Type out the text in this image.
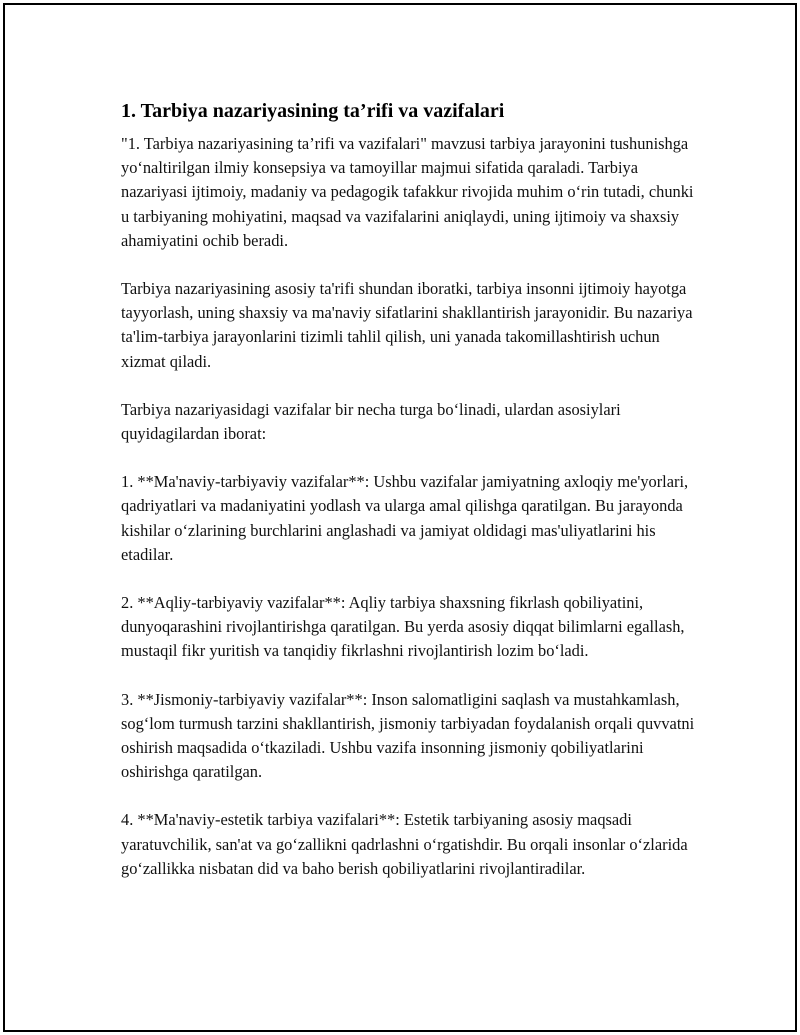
1. Tarbiya nazariyasining ta’rifi va vazifalari

"1. Tarbiya nazariyasining ta’rifi va vazifalari" mavzusi tarbiya jarayonini tushunishga yo‘naltirilgan ilmiy konsepsiya va tamoyillar majmui sifatida qaraladi. Tarbiya nazariyasi ijtimoiy, madaniy va pedagogik tafakkur rivojida muhim o‘rin tutadi, chunki u tarbiyaning mohiyatini, maqsad va vazifalarini aniqlaydi, uning ijtimoiy va shaxsiy ahamiyatini ochib beradi.

Tarbiya nazariyasining asosiy ta'rifi shundan iboratki, tarbiya insonni ijtimoiy hayotga tayyorlash, uning shaxsiy va ma'naviy sifatlarini shakllantirish jarayonidir. Bu nazariya ta'lim-tarbiya jarayonlarini tizimli tahlil qilish, uni yanada takomillashtirish uchun xizmat qiladi.

Tarbiya nazariyasidagi vazifalar bir necha turga bo‘linadi, ulardan asosiylari quyidagilardan iborat:

1. **Ma'naviy-tarbiyaviy vazifalar**: Ushbu vazifalar jamiyatning axloqiy me'yorlari, qadriyatlari va madaniyatini yodlash va ularga amal qilishga qaratilgan. Bu jarayonda kishilar o‘zlarining burchlarini anglashadi va jamiyat oldidagi mas'uliyatlarini his etadilar.

2. **Aqliy-tarbiyaviy vazifalar**: Aqliy tarbiya shaxsning fikrlash qobiliyatini, dunyoqarashini rivojlantirishga qaratilgan. Bu yerda asosiy diqqat bilimlarni egallash, mustaqil fikr yuritish va tanqidiy fikrlashni rivojlantirish lozim bo‘ladi.

3. **Jismoniy-tarbiyaviy vazifalar**: Inson salomatligini saqlash va mustahkamlash, sog‘lom turmush tarzini shakllantirish, jismoniy tarbiyadan foydalanish orqali quvvatni oshirish maqsadida o‘tkaziladi. Ushbu vazifa insonning jismoniy qobiliyatlarini oshirishga qaratilgan.

4. **Ma'naviy-estetik tarbiya vazifalari**: Estetik tarbiyaning asosiy maqsadi yaratuvchilik, san'at va go‘zallikni qadrlashni o‘rgatishdir. Bu orqali insonlar o‘zlarida go‘zallikka nisbatan did va baho berish qobiliyatlarini rivojlantiradilar.
